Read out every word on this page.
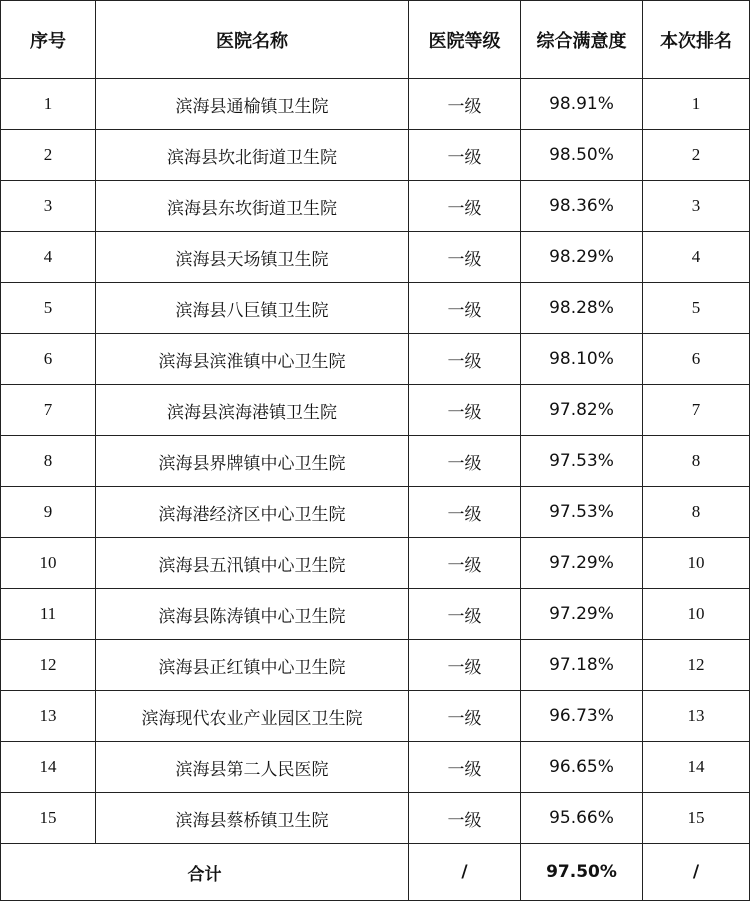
序号	医院名称	医院等级	综合满意度	本次排名
1	滨海县通榆镇卫生院	一级	98.91%	1
2	滨海县坎北街道卫生院	一级	98.50%	2
3	滨海县东坎街道卫生院	一级	98.36%	3
4	滨海县天场镇卫生院	一级	98.29%	4
5	滨海县八巨镇卫生院	一级	98.28%	5
6	滨海县滨淮镇中心卫生院	一级	98.10%	6
7	滨海县滨海港镇卫生院	一级	97.82%	7
8	滨海县界牌镇中心卫生院	一级	97.53%	8
9	滨海港经济区中心卫生院	一级	97.53%	8
10	滨海县五汛镇中心卫生院	一级	97.29%	10
11	滨海县陈涛镇中心卫生院	一级	97.29%	10
12	滨海县正红镇中心卫生院	一级	97.18%	12
13	滨海现代农业产业园区卫生院	一级	96.73%	13
14	滨海县第二人民医院	一级	96.65%	14
15	滨海县蔡桥镇卫生院	一级	95.66%	15
合计		/	97.50%	/
